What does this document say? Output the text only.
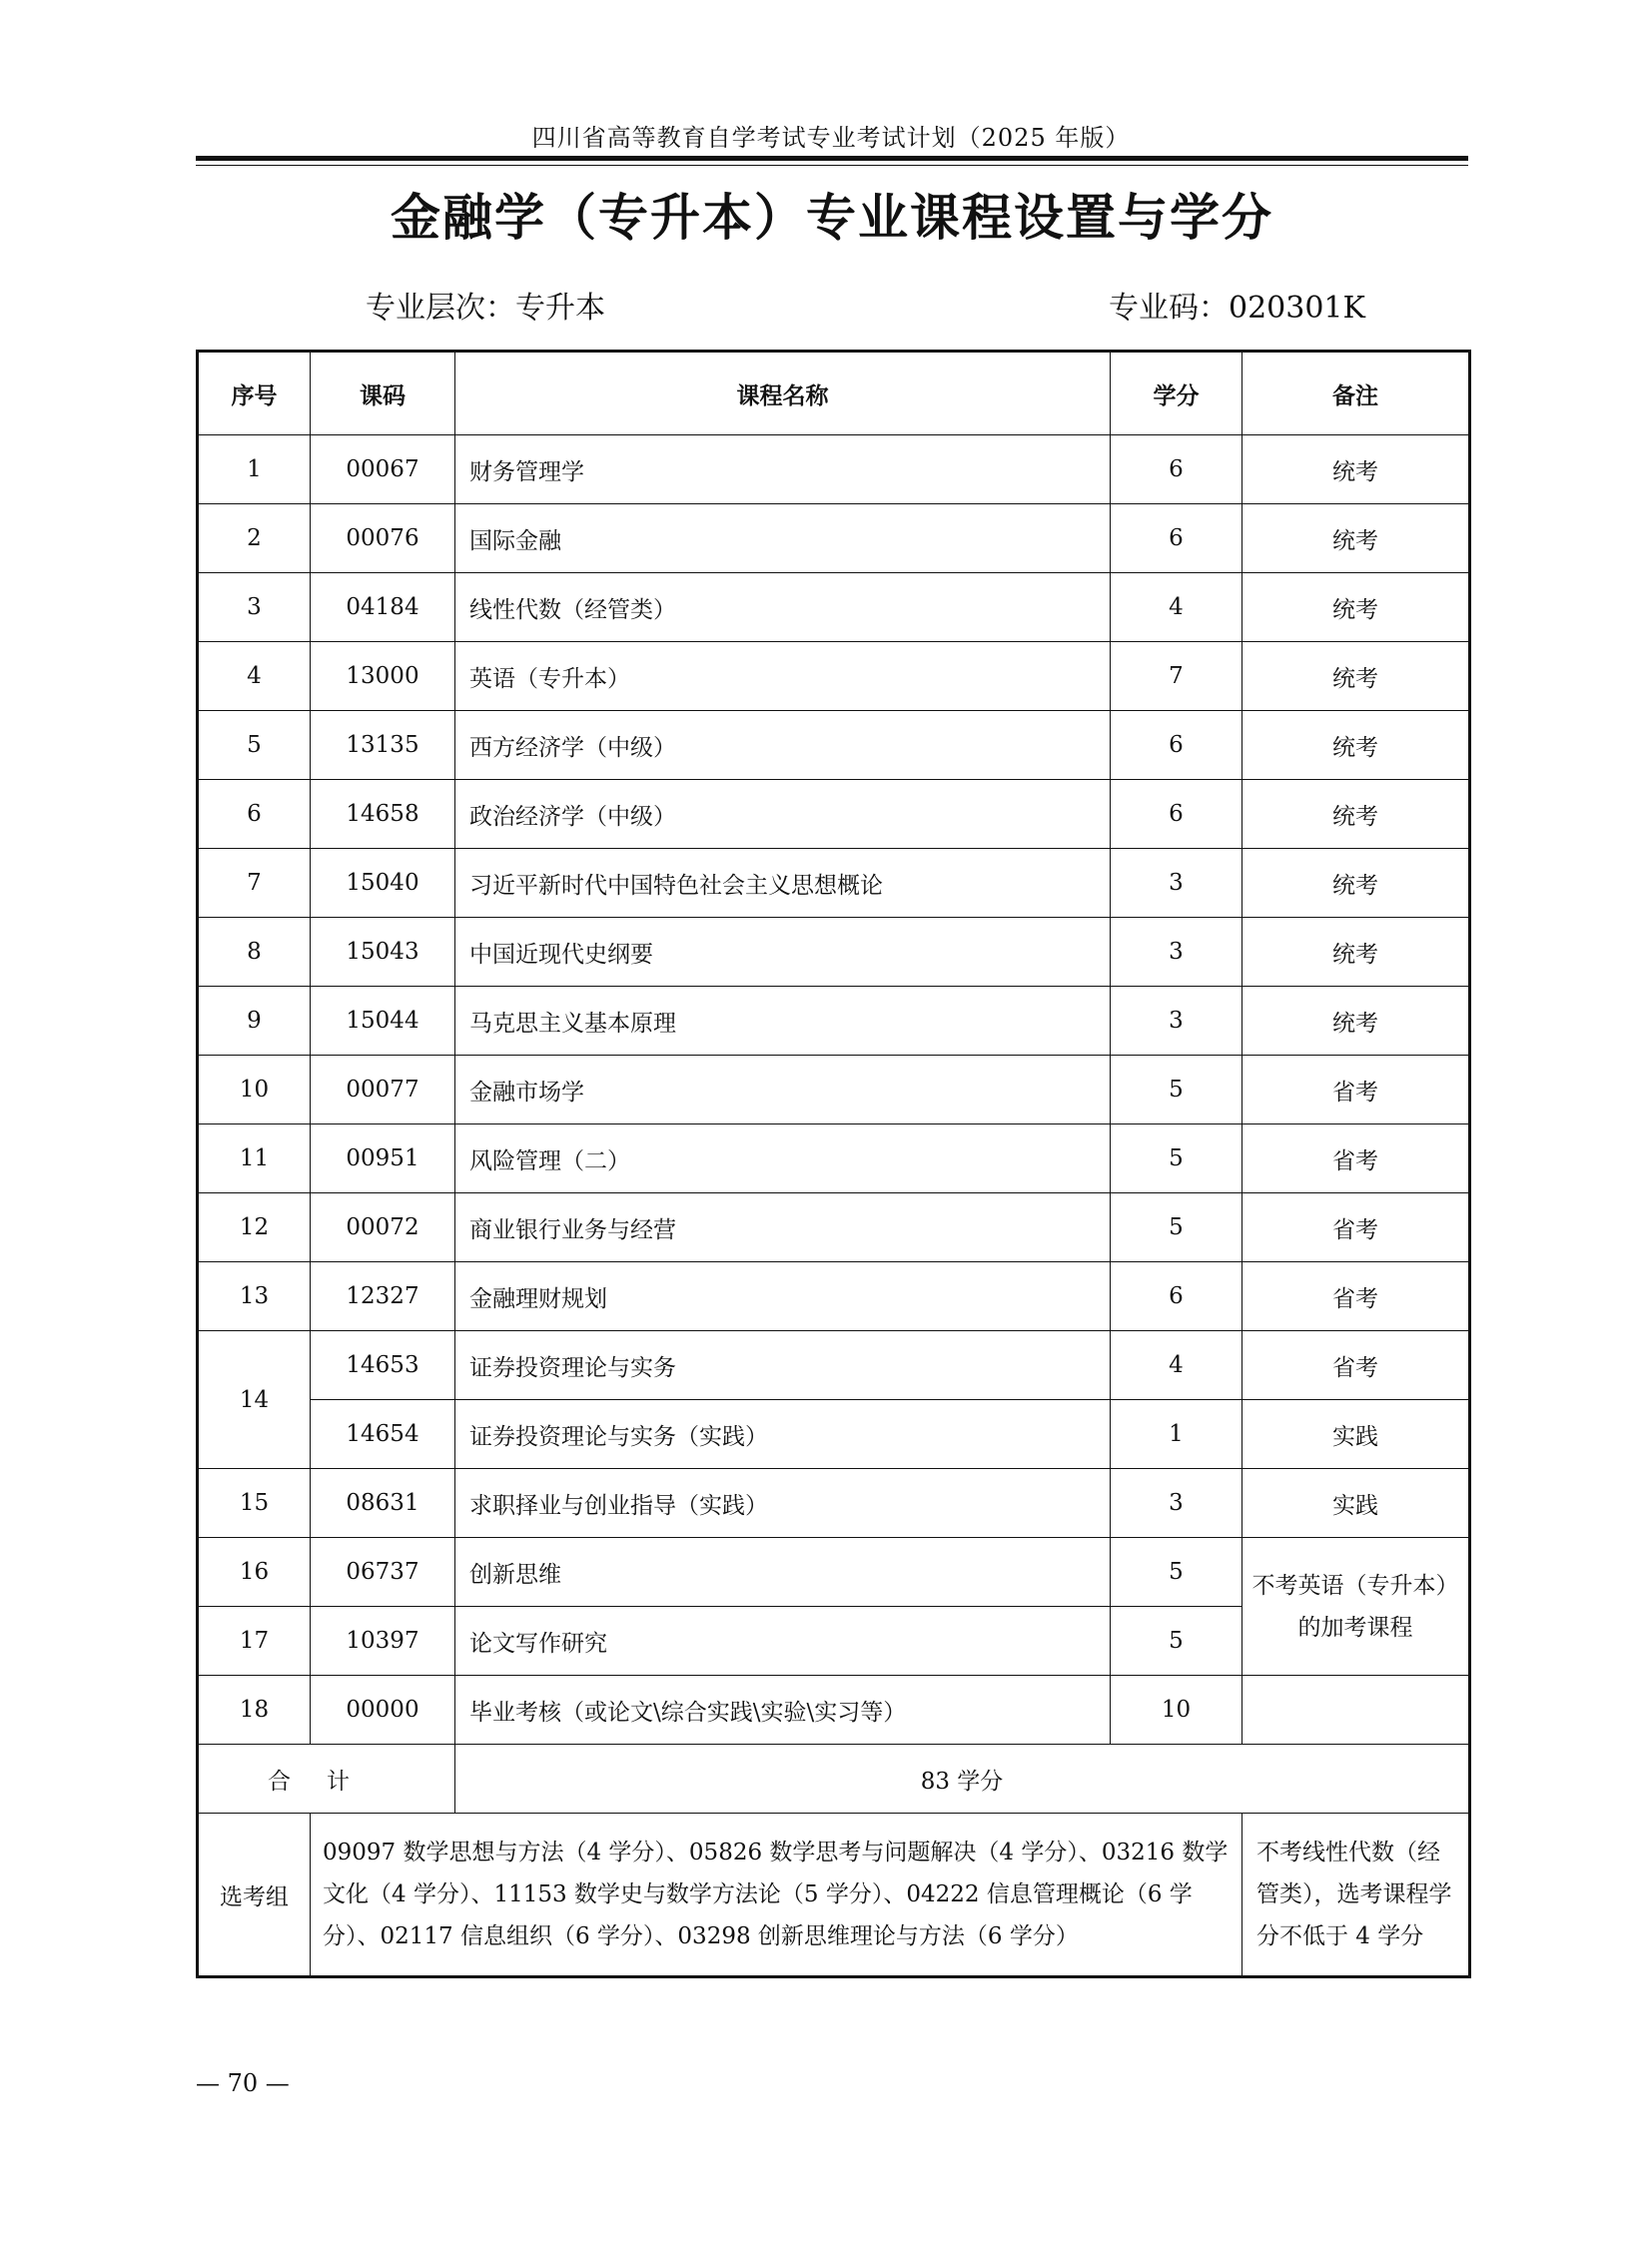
四川省高等教育自学考试专业考试计划（2025 年版）
金融学（专升本）专业课程设置与学分
专业层次：专升本	专业码：020301K
序号	课码	课程名称	学分	备注
1	00067	财务管理学	6	统考
2	00076	国际金融	6	统考
3	04184	线性代数（经管类）	4	统考
4	13000	英语（专升本）	7	统考
5	13135	西方经济学（中级）	6	统考
6	14658	政治经济学（中级）	6	统考
7	15040	习近平新时代中国特色社会主义思想概论	3	统考
8	15043	中国近现代史纲要	3	统考
9	15044	马克思主义基本原理	3	统考
10	00077	金融市场学	5	省考
11	00951	风险管理（二）	5	省考
12	00072	商业银行业务与经营	5	省考
13	12327	金融理财规划	6	省考
14	14653	证券投资理论与实务	4	省考
	14654	证券投资理论与实务（实践）	1	实践
15	08631	求职择业与创业指导（实践）	3	实践
16	06737	创新思维	5	不考英语（专升本）的加考课程
17	10397	论文写作研究	5	
18	00000	毕业考核（或论文\综合实践\实验\实习等）	10	
合计		83 学分		
选考组	09097 数学思想与方法（4 学分）、05826 数学思考与问题解决（4 学分）、03216 数学文化（4 学分）、11153 数学史与数学方法论（5 学分）、04222 信息管理概论（6 学分）、02117 信息组织（6 学分）、03298 创新思维理论与方法（6 学分）			不考线性代数（经管类），选考课程学分不低于 4 学分
— 70 —
